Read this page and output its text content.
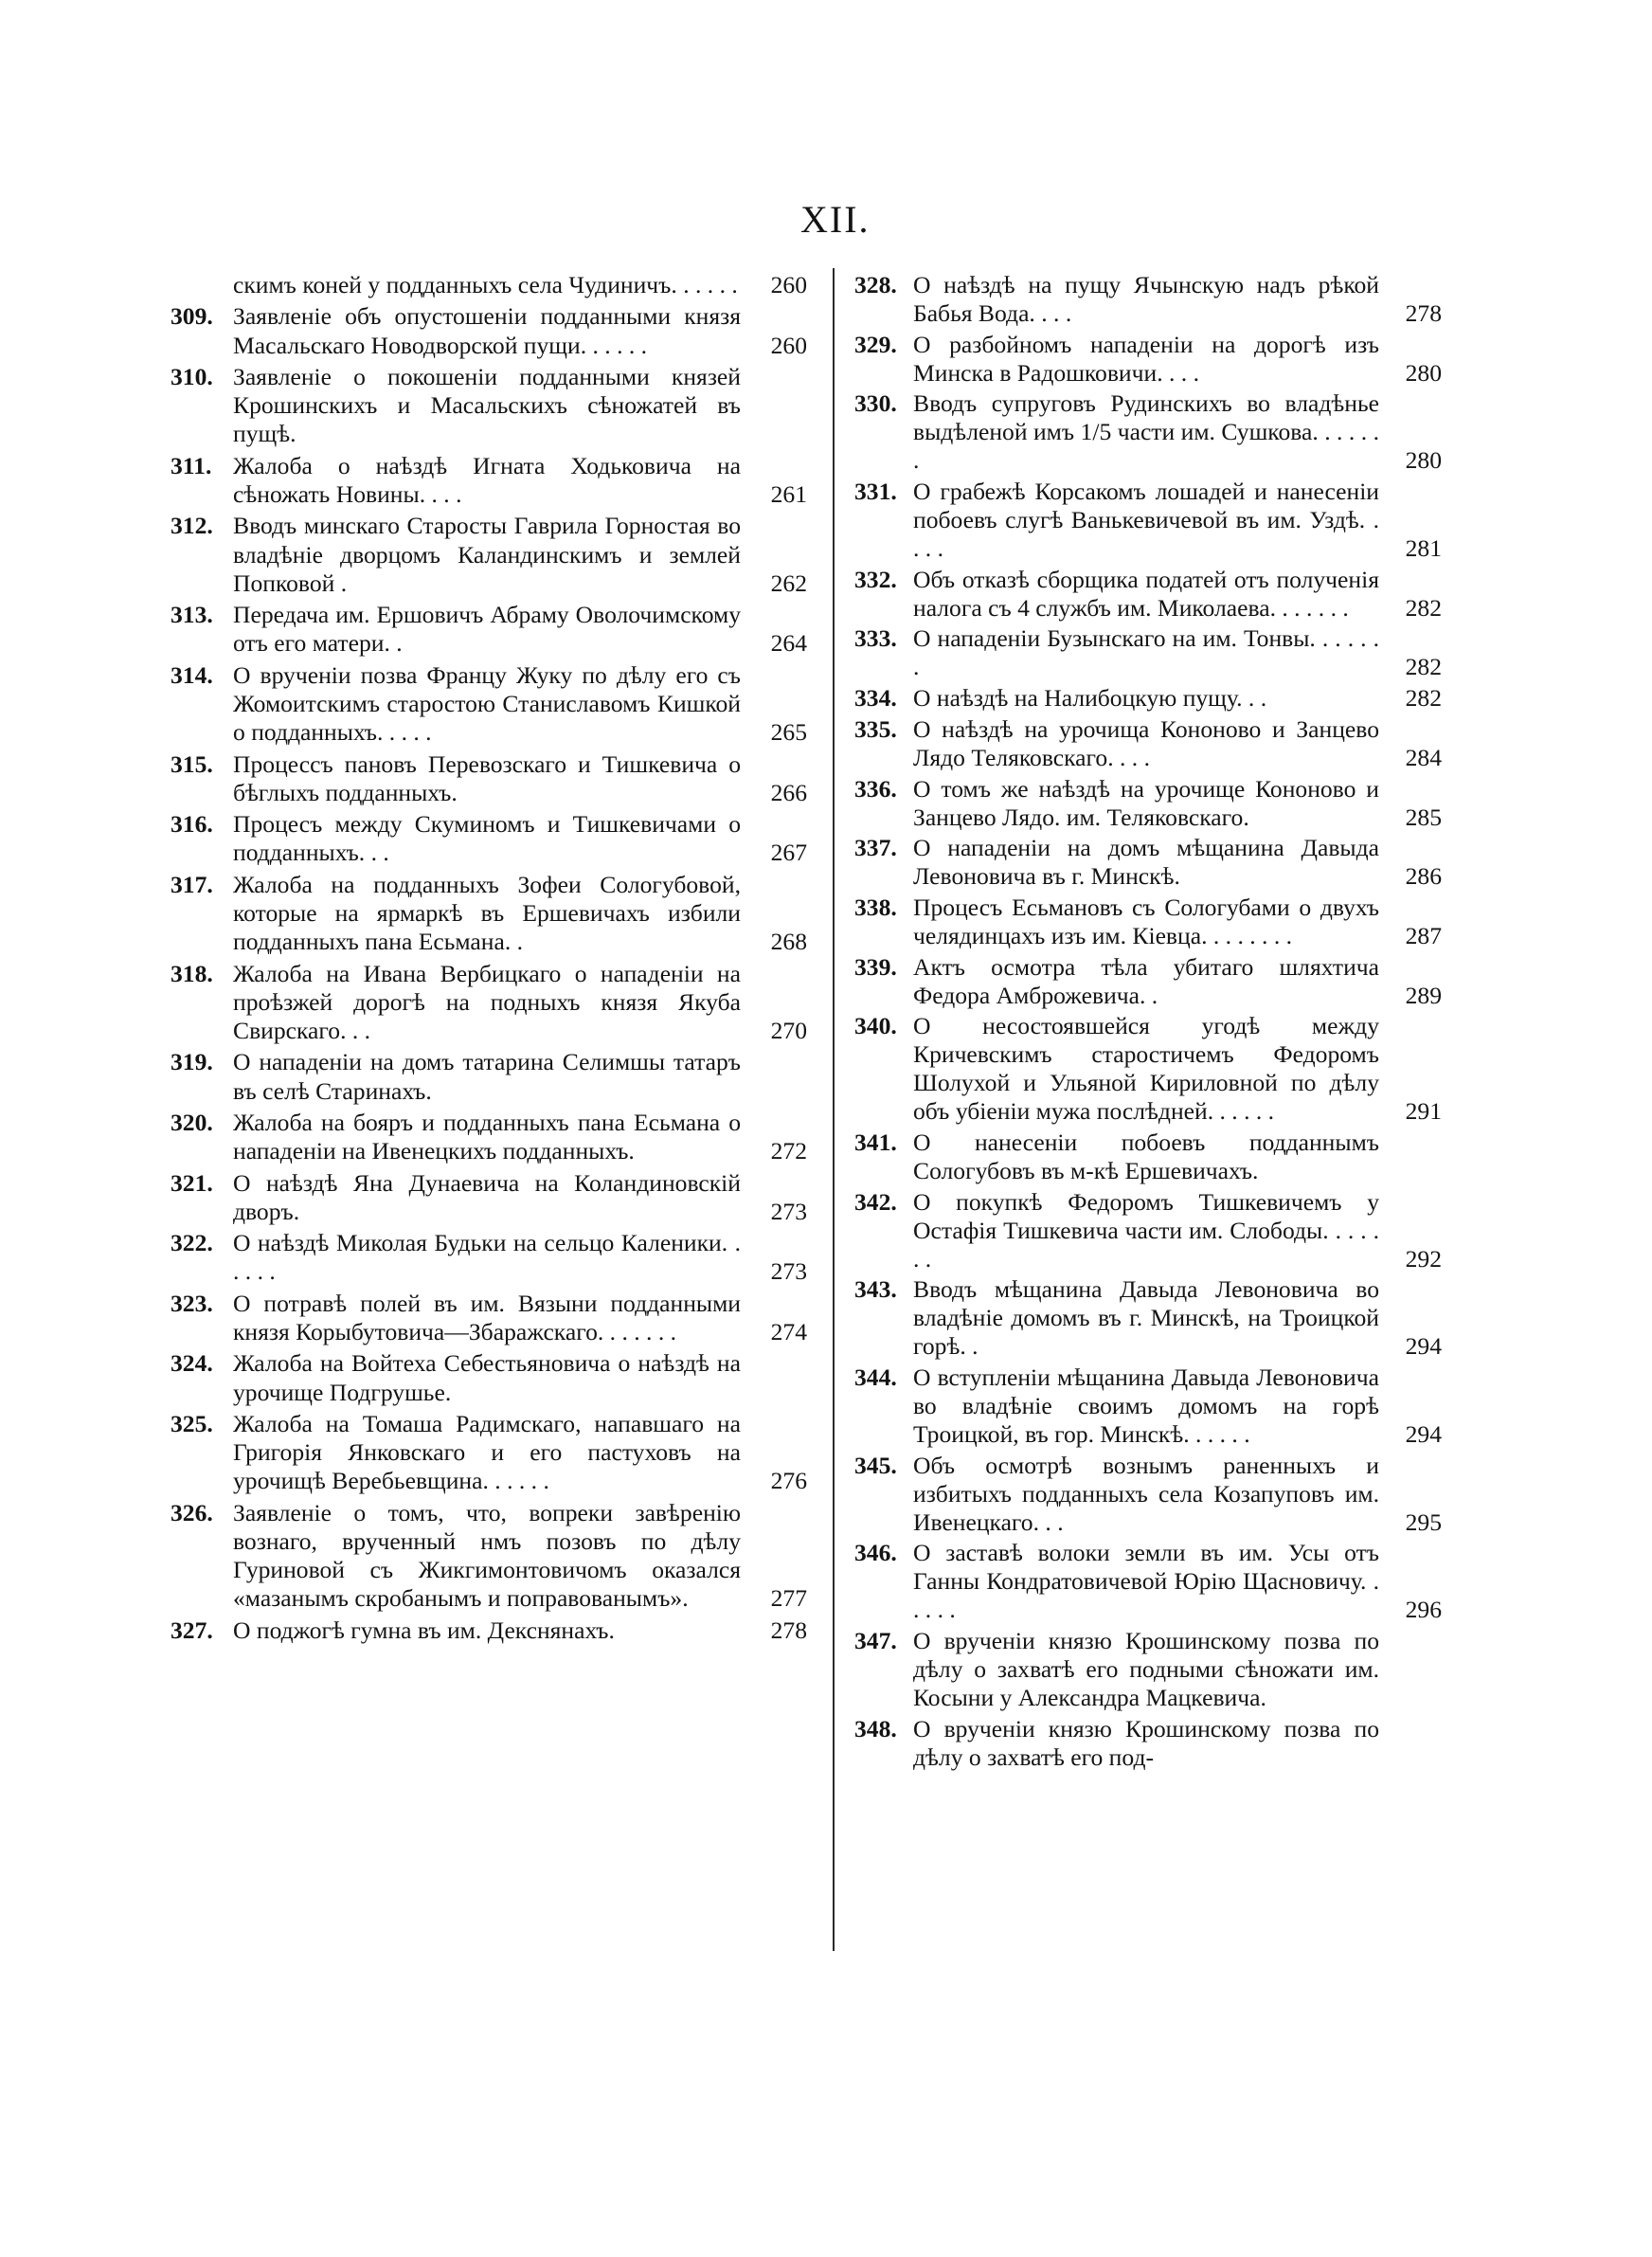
XII.
скимъ коней у подданныхъ села Чудиничъ. . . . . .	260
309. Заявленіе объ опустошеніи подданными князя Масальскаго Новодворской пущи. . . . . .	260
310. Заявленіе о покошеніи подданными князей Крошинскихъ и Масальскихъ сѣножатей въ пущѣ.
311. Жалоба о наѣздѣ Игната Ходьковича на сѣножать Новины. . . .	261
312. Вводъ минскаго Старосты Гаврила Горностая во владѣніе дворцомъ Каландинскимъ и землей Попковой .	262
313. Передача им. Ершовичъ Абраму Оволочимскому отъ его матери. .	264
314. О врученіи позва Францу Жуку по дѣлу его съ Жомоитскимъ старостою Станиславомъ Кишкой о подданныхъ. . . . .	265
315. Процессъ пановъ Перевозскаго и Тишкевича о бѣглыхъ подданныхъ.	266
316. Процесъ между Скуминомъ и Тишкевичами о подданныхъ. . .	267
317. Жалоба на подданныхъ Зофеи Сологубовой, которые на ярмаркѣ въ Ершевичахъ избили подданныхъ пана Есьмана. .	268
318. Жалоба на Ивана Вербицкаго о нападеніи на проѣзжей дорогѣ на подныхъ князя Якуба Свирскаго. . .	270
319. О нападеніи на домъ татарина Селимшы татаръ въ селѣ Старинахъ.
320. Жалоба на бояръ и подданныхъ пана Есьмана о нападеніи на Ивенецкихъ подданныхъ.	272
321. О наѣздѣ Яна Дунаевича на Коландиновскій дворъ.	273
322. О наѣздѣ Миколая Будьки на сельцо Каленики. . . . . .	273
323. О потравѣ полей въ им. Вязыни подданными князя Корыбутовича—Збаражскаго. . . . . . .	274
324. Жалоба на Войтеха Себестьяновича о наѣздѣ на урочище Подгрушье.
325. Жалоба на Томаша Радимскаго, напавшаго на Григорія Янковскаго и его пастуховъ на урочищѣ Веребьевщина. . . . . .	276
326. Заявленіе о томъ, что, вопреки завѣренію вознаго, врученный нмъ позовъ по дѣлу Гуриновой съ Жикгимонтовичомъ оказался «мазанымъ скробанымъ и поправованымъ».	277
327. О поджогѣ гумна въ им. Декснянахъ.	278
328. О наѣздѣ на пущу Ячынскую надъ рѣкой Бабья Вода. . . .	278
329. О разбойномъ нападеніи на дорогѣ изъ Минска в Радошковичи. . . .	280
330. Вводъ супруговъ Рудинскихъ во владѣнье выдѣленой имъ 1/5 части им. Сушкова. . . . . . .	280
331. О грабежѣ Корсакомъ лошадей и нанесеніи побоевъ слугѣ Ванькевичевой въ им. Уздѣ. . . . .	281
332. Объ отказѣ сборщика податей отъ полученія налога съ 4 службъ им. Миколаева. . . . . . .	282
333. О нападеніи Бузынскаго на им. Тонвы. . . . . . .	282
334. О наѣздѣ на Налибоцкую пущу. . .	282
335. О наѣздѣ на урочища Кононово и Занцево Лядо Теляковскаго. . . .	284
336. О томъ же наѣздѣ на урочище Кононово и Занцево Лядо. им. Теляковскаго.	285
337. О нападеніи на домъ мѣщанина Давыда Левоновича въ г. Минскѣ.	286
338. Процесъ Есьмановъ съ Сологубами о двухъ челядинцахъ изъ им. Кіевца. . . . . . . .	287
339. Актъ осмотра тѣла убитаго шляхтича Федора Амброжевича. .	289
340. О несостоявшейся угодѣ между Кричевскимъ старостичемъ Федоромъ Шолухой и Ульяной Кириловной по дѣлу объ убіеніи мужа послѣдней. . . . . .	291
341. О нанесеніи побоевъ подданнымъ Сологубовъ въ м-кѣ Ершевичахъ.
342. О покупкѣ Федоромъ Тишкевичемъ у Остафія Тишкевича части им. Слободы. . . . . . .	292
343. Вводъ мѣщанина Давыда Левоновича во владѣніе домомъ въ г. Минскѣ, на Троицкой горѣ. .	294
344. О вступленіи мѣщанина Давыда Левоновича во владѣніе своимъ домомъ на горѣ Троицкой, въ гор. Минскѣ. . . . . .	294
345. Объ осмотрѣ вознымъ раненныхъ и избитыхъ подданныхъ села Козапуповъ им. Ивенецкаго. . .	295
346. О заставѣ волоки земли въ им. Усы отъ Ганны Кондратовичевой Юрію Щасновичу. . . . . .	296
347. О врученіи князю Крошинскому позва по дѣлу о захватѣ его подными сѣножати им. Косыни у Александра Мацкевича.
348. О врученіи князю Крошинскому позва по дѣлу о захватѣ его под-
